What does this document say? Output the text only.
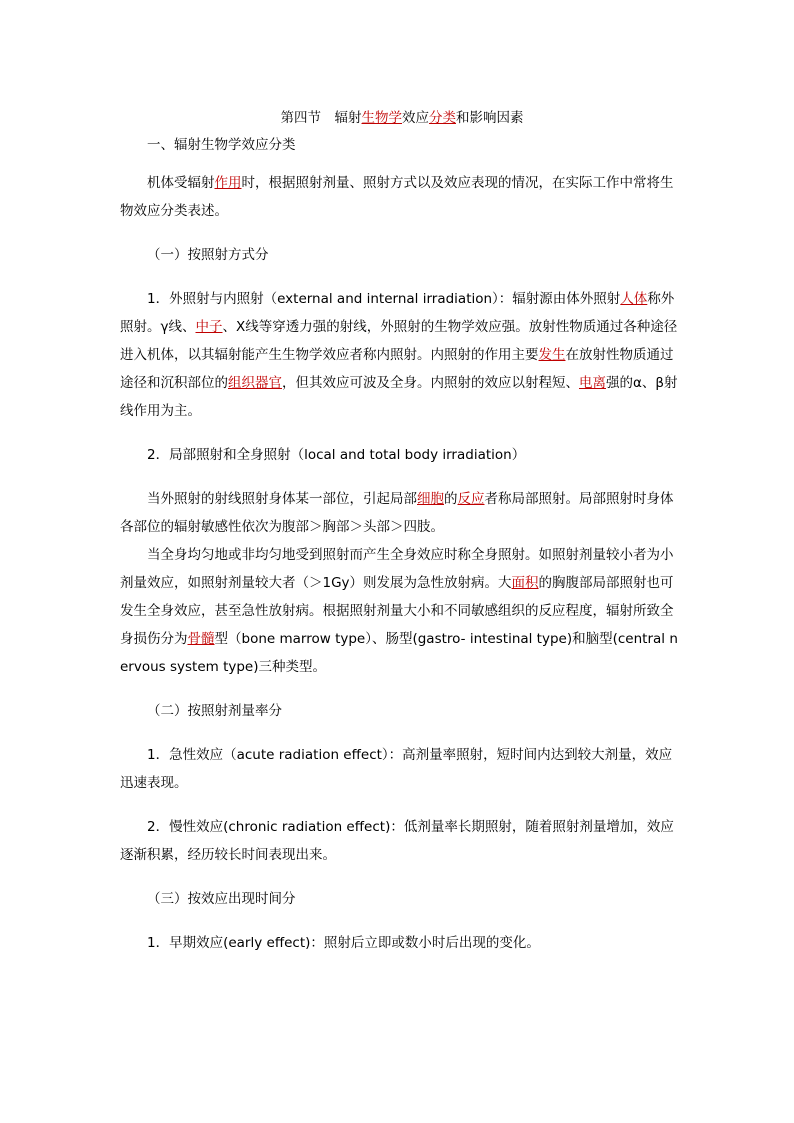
第四节　辐射生物学效应分类和影响因素

一、辐射生物学效应分类

机体受辐射作用时，根据照射剂量、照射方式以及效应表现的情况，在实际工作中常将生物效应分类表述。

（一）按照射方式分

1．外照射与内照射（external and internal irradiation）：辐射源由体外照射人体称外照射。γ线、中子、X线等穿透力强的射线，外照射的生物学效应强。放射性物质通过各种途径进入机体，以其辐射能产生生物学效应者称内照射。内照射的作用主要发生在放射性物质通过途径和沉积部位的组织器官，但其效应可波及全身。内照射的效应以射程短、电离强的α、β射线作用为主。

2．局部照射和全身照射（local and total body irradiation）

当外照射的射线照射身体某一部位，引起局部细胞的反应者称局部照射。局部照射时身体各部位的辐射敏感性依次为腹部＞胸部＞头部＞四肢。

当全身均匀地或非均匀地受到照射而产生全身效应时称全身照射。如照射剂量较小者为小剂量效应，如照射剂量较大者（＞1Gy）则发展为急性放射病。大面积的胸腹部局部照射也可发生全身效应，甚至急性放射病。根据照射剂量大小和不同敏感组织的反应程度，辐射所致全身损伤分为骨髓型（bone marrow type）、肠型(gastro- intestinal type)和脑型(central nervous system type)三种类型。

（二）按照射剂量率分

1．急性效应（acute radiation effect）：高剂量率照射，短时间内达到较大剂量，效应迅速表现。

2．慢性效应(chronic radiation effect)：低剂量率长期照射，随着照射剂量增加，效应逐渐积累，经历较长时间表现出来。

（三）按效应出现时间分

1．早期效应(early effect)：照射后立即或数小时后出现的变化。
